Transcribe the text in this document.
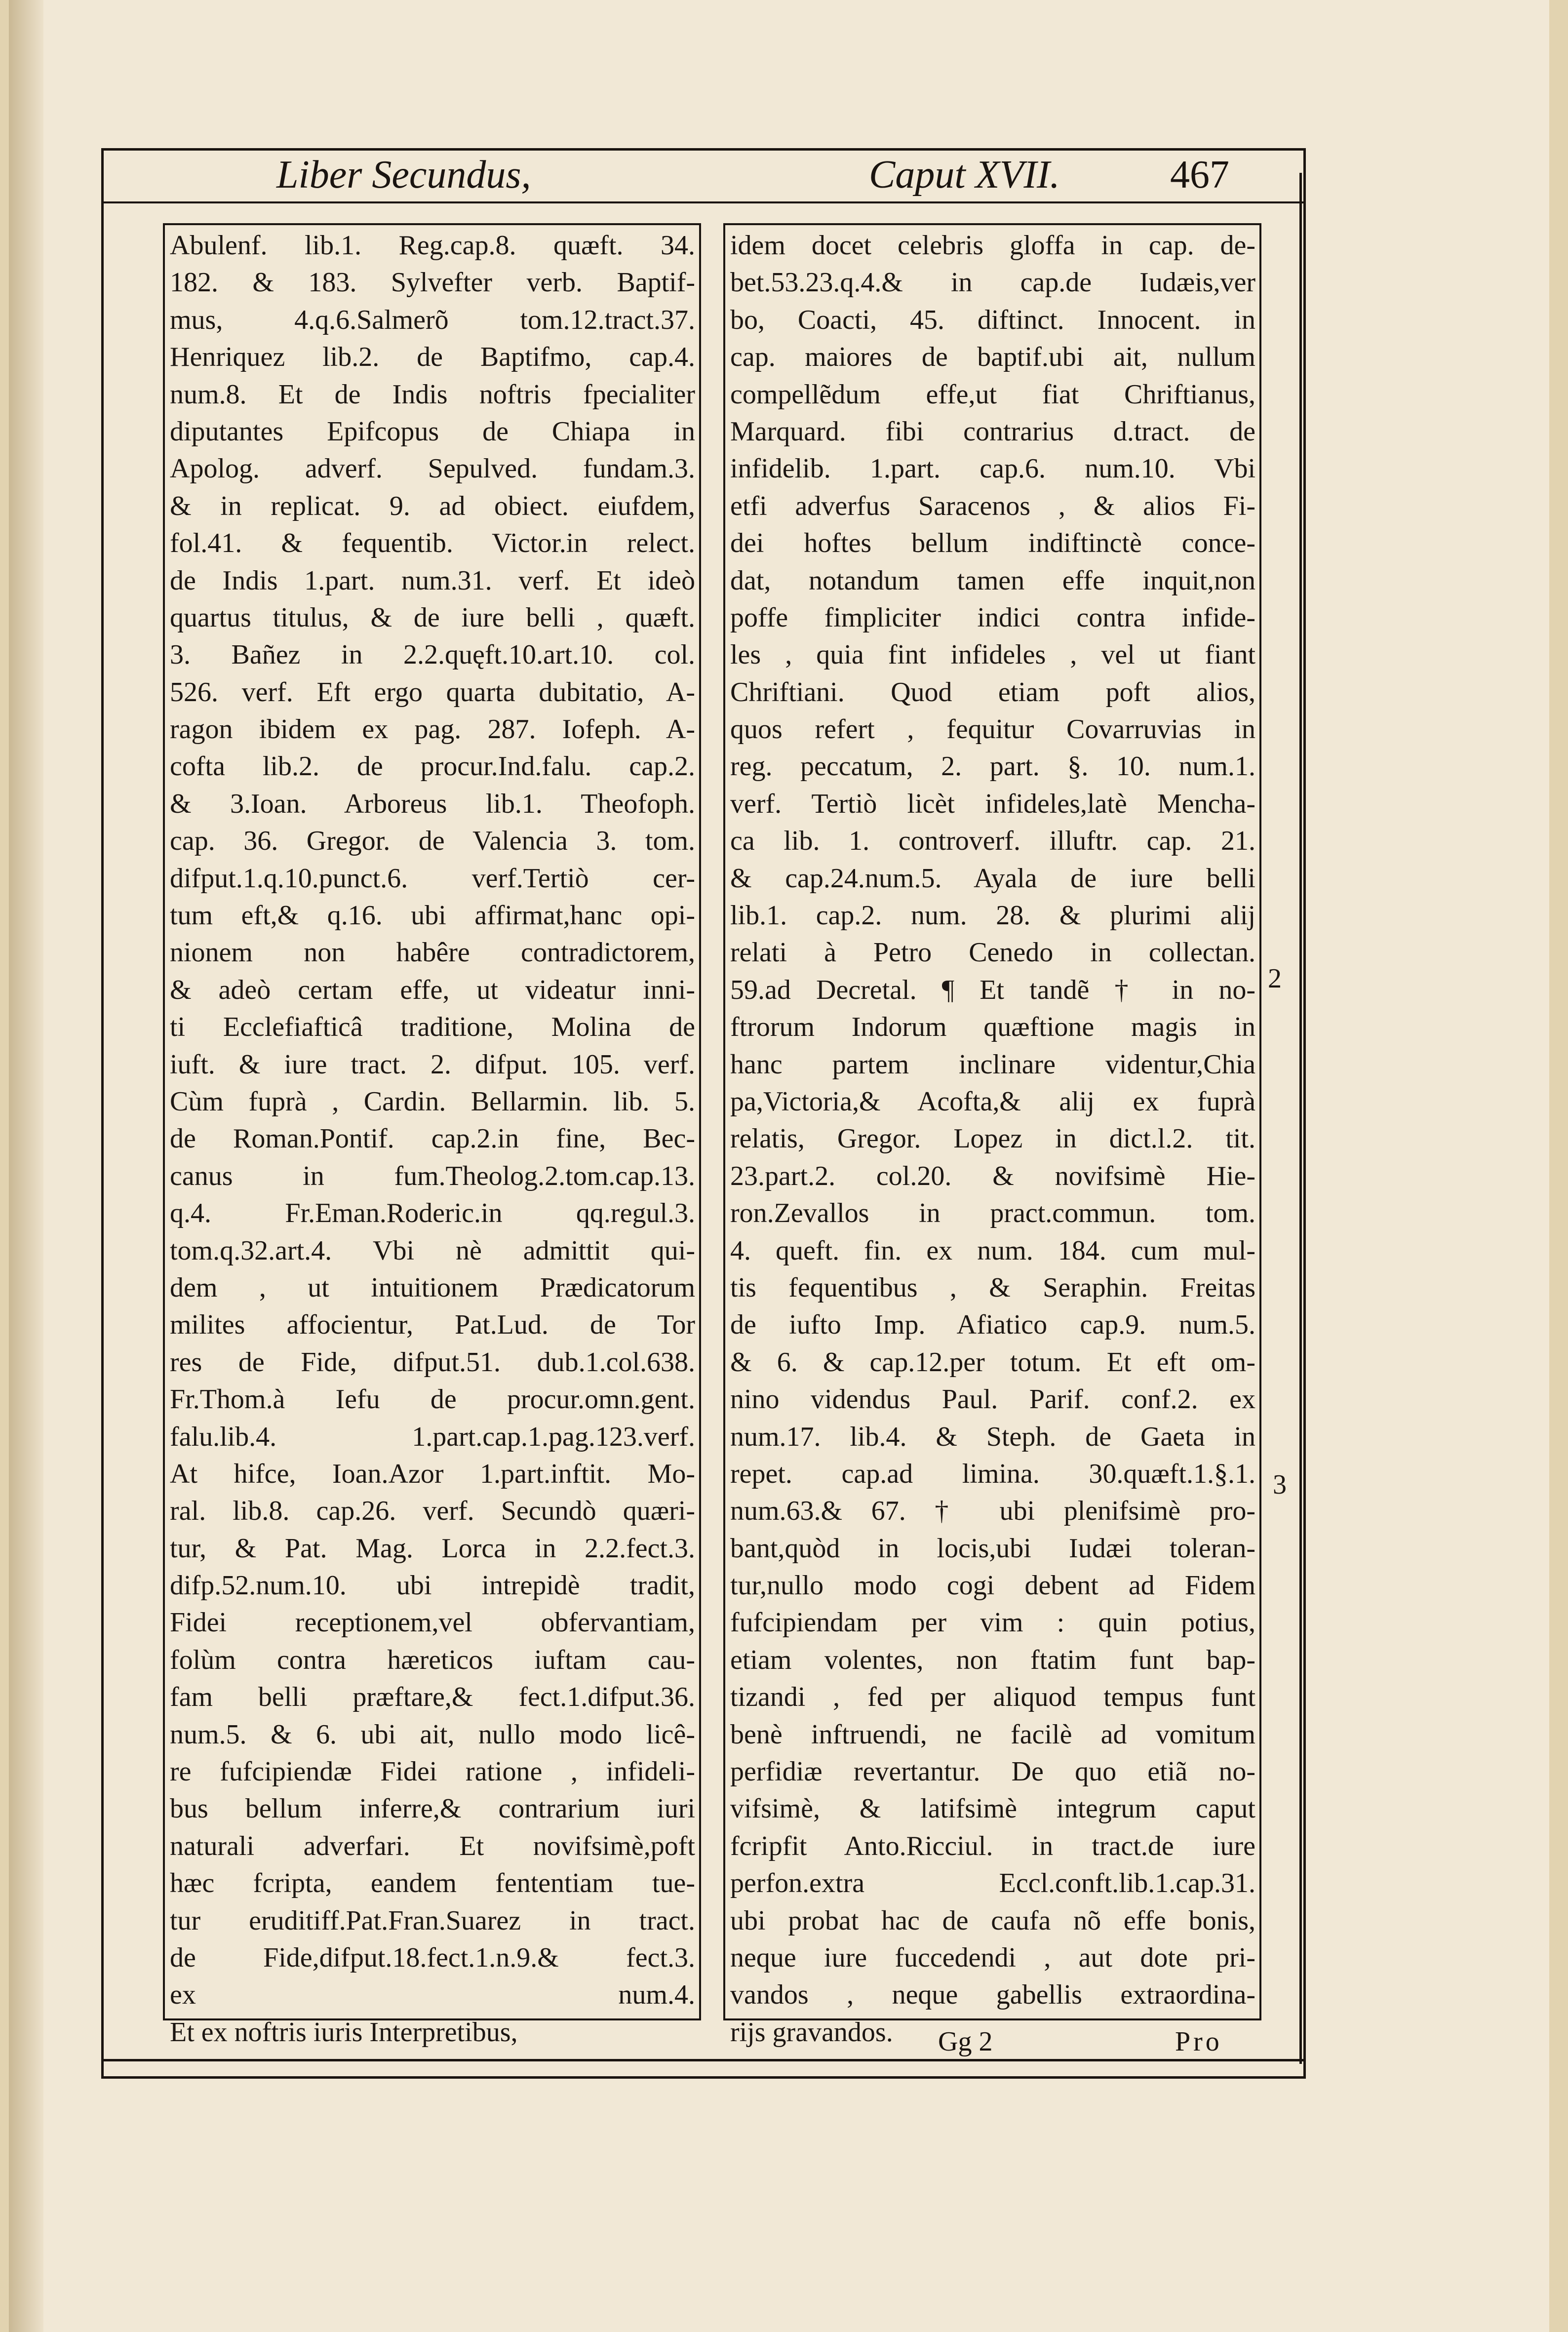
Liber Secundus,	Caput XVII.	467
Abulenf. lib.1. Reg.cap.8. quæft. 34.
182. & 183. Sylvefter verb. Baptif-
mus, 4.q.6.Salmerõ tom.12.tract.37.
Henriquez lib.2. de Baptifmo, cap.4.
num.8. Et de Indis noftris fpecialiter
diputantes Epifcopus de Chiapa in
Apolog. adverf. Sepulved. fundam.3.
& in replicat. 9. ad obiect. eiufdem,
fol.41. & fequentib. Victor.in relect.
de Indis 1.part. num.31. verf. Et ideò
quartus titulus, & de iure belli , quæft.
3. Bañez in 2.2.quęft.10.art.10. col.
526. verf. Eft ergo quarta dubitatio, A-
ragon ibidem ex pag. 287. Iofeph. A-
cofta lib.2. de procur.Ind.falu. cap.2.
& 3.Ioan. Arboreus lib.1. Theofoph.
cap. 36. Gregor. de Valencia 3. tom.
difput.1.q.10.punct.6. verf.Tertiò cer-
tum eft,& q.16. ubi affirmat,hanc opi-
nionem non habêre contradictorem,
& adeò certam effe, ut videatur inni-
ti Ecclefiafticâ traditione, Molina de
iuft. & iure tract. 2. difput. 105. verf.
Cùm fuprà , Cardin. Bellarmin. lib. 5.
de Roman.Pontif. cap.2.in fine, Bec-
canus in fum.Theolog.2.tom.cap.13.
q.4. Fr.Eman.Roderic.in qq.regul.3.
tom.q.32.art.4. Vbi nè admittit qui-
dem , ut intuitionem Prædicatorum
milites affocientur, Pat.Lud. de Tor
res de Fide, difput.51. dub.1.col.638.
Fr.Thom.à Iefu de procur.omn.gent.
falu.lib.4. 1.part.cap.1.pag.123.verf.
At hifce, Ioan.Azor 1.part.inftit. Mo-
ral. lib.8. cap.26. verf. Secundò quæri-
tur, & Pat. Mag. Lorca in 2.2.fect.3.
difp.52.num.10. ubi intrepidè tradit,
Fidei receptionem,vel obfervantiam,
folùm contra hæreticos iuftam cau-
fam belli præftare,& fect.1.difput.36.
num.5. & 6. ubi ait, nullo modo licê-
re fufcipiendæ Fidei ratione , infideli-
bus bellum inferre,& contrarium iuri
naturali adverfari. Et novifsimè,poft
hæc fcripta, eandem fententiam tue-
tur eruditiff.Pat.Fran.Suarez in tract.
de Fide,difput.18.fect.1.n.9.& fect.3.
ex num.4.
Et ex noftris iuris Interpretibus,
idem docet celebris gloffa in cap. de-
bet.53.23.q.4.& in cap.de Iudæis,ver
bo, Coacti, 45. diftinct. Innocent. in
cap. maiores de baptif.ubi ait, nullum
compellẽdum effe,ut fiat Chriftianus,
Marquard. fibi contrarius d.tract. de
infidelib. 1.part. cap.6. num.10. Vbi
etfi adverfus Saracenos , & alios Fi-
dei hoftes bellum indiftinctè conce-
dat, notandum tamen effe inquit,non
poffe fimpliciter indici contra infide-
les , quia fint infideles , vel ut fiant
Chriftiani. Quod etiam poft alios,
quos refert , fequitur Covarruvias in
reg. peccatum, 2. part. §. 10. num.1.
verf. Tertiò licèt infideles,latè Mencha-
ca lib. 1. controverf. illuftr. cap. 21.
& cap.24.num.5. Ayala de iure belli
lib.1. cap.2. num. 28. & plurimi alij
relati à Petro Cenedo in collectan.
59.ad Decretal. ¶ Et tandẽ † in no-
ftrorum Indorum quæftione magis in
hanc partem inclinare videntur,Chia
pa,Victoria,& Acofta,& alij ex fuprà
relatis, Gregor. Lopez in dict.l.2. tit.
23.part.2. col.20. & novifsimè Hie-
ron.Zevallos in pract.commun. tom.
4. queft. fin. ex num. 184. cum mul-
tis fequentibus , & Seraphin. Freitas
de iufto Imp. Afiatico cap.9. num.5.
& 6. & cap.12.per totum. Et eft om-
nino videndus Paul. Parif. conf.2. ex
num.17. lib.4. & Steph. de Gaeta in
repet. cap.ad limina. 30.quæft.1.§.1.
num.63.& 67. † ubi plenifsimè pro-
bant,quòd in locis,ubi Iudæi toleran-
tur,nullo modo cogi debent ad Fidem
fufcipiendam per vim : quin potius,
etiam volentes, non ftatim funt bap-
tizandi , fed per aliquod tempus funt
benè inftruendi, ne facilè ad vomitum
perfidiæ revertantur. De quo etiã no-
vifsimè, & latifsimè integrum caput
fcripfit Anto.Ricciul. in tract.de iure
perfon.extra Eccl.conft.lib.1.cap.31.
ubi probat hac de caufa nõ effe bonis,
neque iure fuccedendi , aut dote pri-
vandos , neque gabellis extraordina-
rijs gravandos.
2
3
Gg 2	Pro
